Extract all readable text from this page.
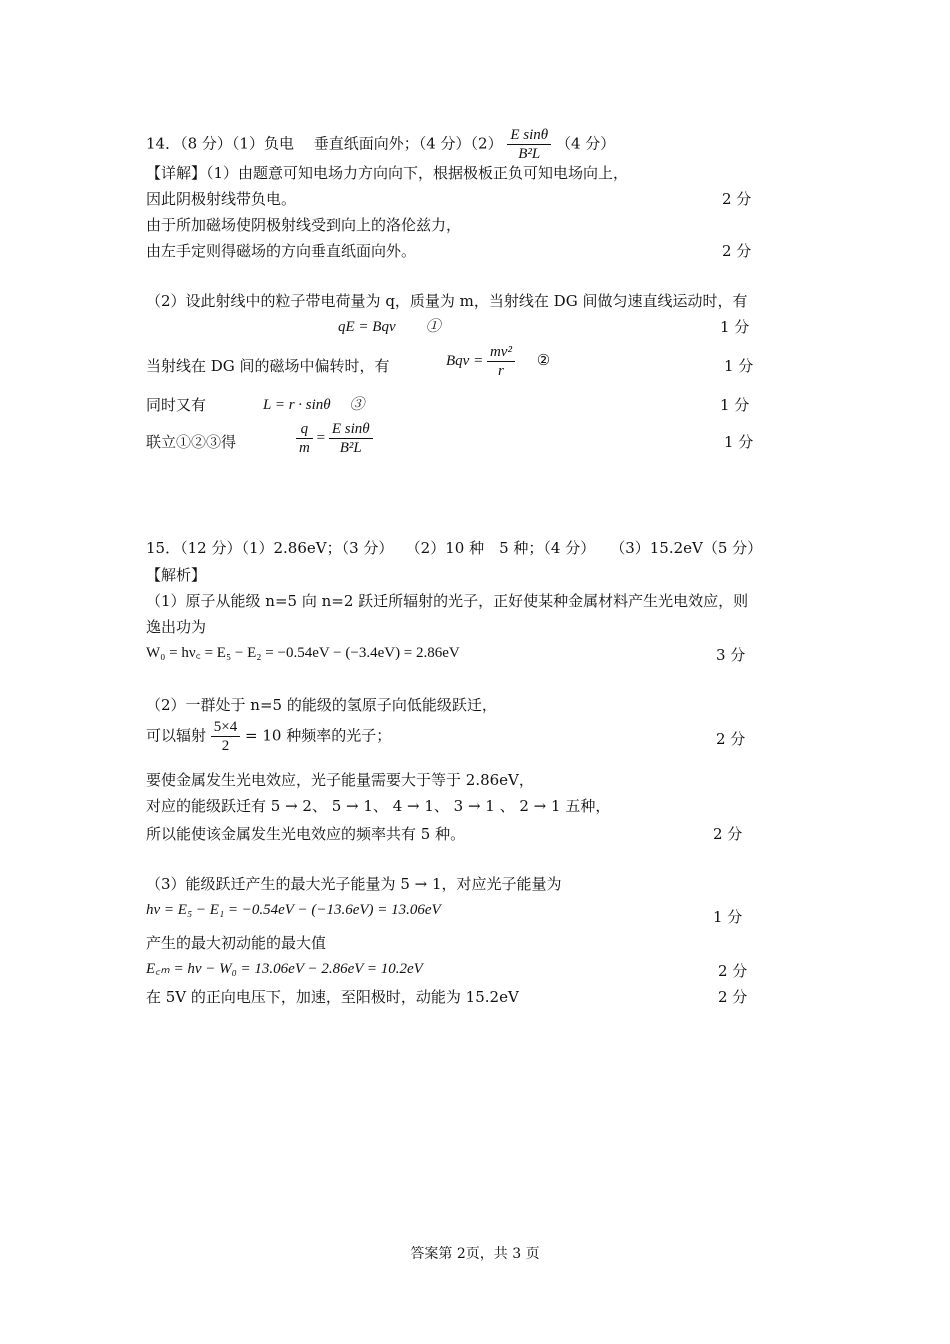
14．（8 分）（1）负电　 垂直纸面向外；（4 分）$(2) \frac{\text{E sinθ}}{\text{B²L}} (4$ 分）
【详解】（1）由题意可知电场力方向向下，根据极板正负可知电场向上，
因此阴极射线带负电。	2 分
由于所加磁场使阴极射线受到向上的洛伦兹力，
由左手定则得磁场的方向垂直纸面向外。	2 分
（2）设此射线中的粒子带电荷量为 q，质量为 m，当射线在 DG 间做匀速直线运动时，有
qE = Bqv　　①	1 分
当射线在 DG 间的磁场中偏转时，有	Bqv = $\frac{\text{mv²}}{r}$ ②	1 分
同时又有	L = r · sinθ　 ③	1 分
联立①②③得	$\frac{q}{m} = \frac{\text{E sinθ}}{\text{B²L}}$	1 分
15．（12 分）（1）2.86eV；（3 分）　 （2）10 种　5 种；（4 分）　　（3）15.2eV（5 分）
【解析】
（1）原子从能级 n=5 向 n=2 跃迁所辐射的光子，正好使某种金属材料产生光电效应，则
逸出功为
W₀ = hν꜀ = E₅ − E₂ = −0.54eV − (−3.4eV) = 2.86eV	3 分
（2）一群处于 n=5 的能级的氢原子向低能级跃迁，
可以辐射 $\frac{5\times 4}{2} = 10$ 种频率的光子；	2 分
要使金属发生光电效应，光子能量需要大于等于 2.86eV，
对应的能级跃迁有 5 → 2、 5 → 1、 4 → 1、 3 → 1 、 2 → 1 五种，
所以能使该金属发生光电效应的频率共有 5 种。	2 分
（3）能级跃迁产生的最大光子能量为 5 → 1，对应光子能量为
hν = E₅ − E₁ = −0.54eV − (−13.6eV) = 13.06eV	1 分
产生的最大初动能的最大值
E꜀ₘ = hν − W₀ = 13.06eV − 2.86eV = 10.2eV	2 分
在 5V 的正向电压下，加速，至阳极时，动能为 15.2eV	2 分
答案第 2页，共 3 页
